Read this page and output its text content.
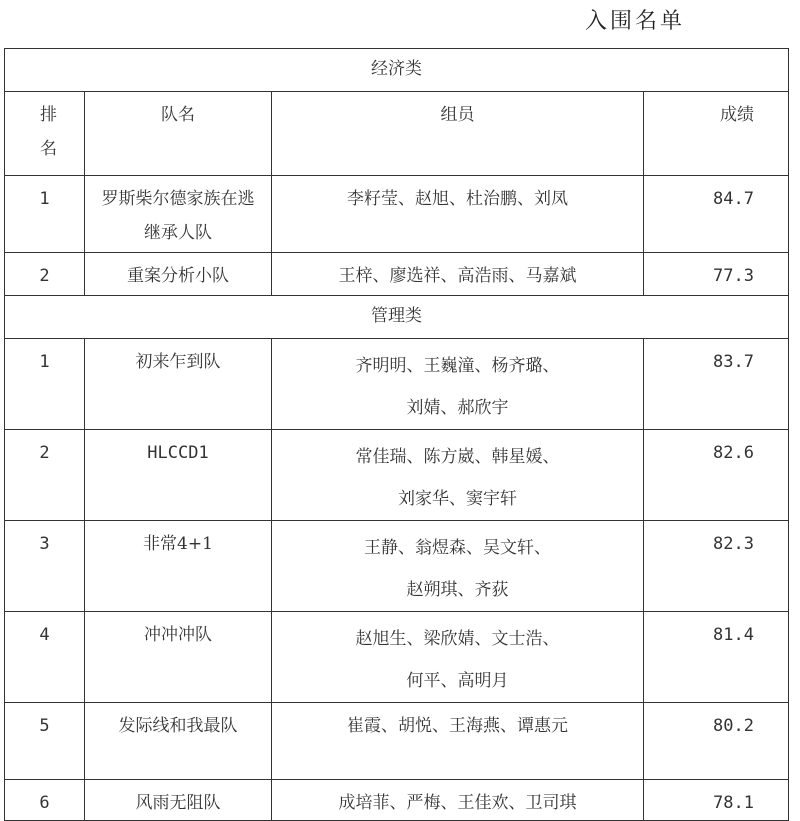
入围名单
经济类			
排
名	队名	组员	成绩
1	罗斯柴尔德家族在逃继承人队	李籽莹、赵旭、杜治鹏、刘凤	84.7
2	重案分析小队	王梓、廖选祥、高浩雨、马嘉斌	77.3
管理类			
1	初来乍到队	齐明明、王巍潼、杨齐璐、
刘婧、郝欣宇	83.7
2	HLCCD1	常佳瑞、陈方崴、韩星媛、
刘家华、窦宇轩	82.6
3	非常4+1	王静、翁煜森、吴文轩、
赵朔琪、齐荻	82.3
4	冲冲冲队	赵旭生、梁欣婧、文士浩、
何平、高明月	81.4
5	发际线和我最队	崔霞、胡悦、王海燕、谭惠元	80.2
6	风雨无阻队	成培菲、严梅、王佳欢、卫司琪	78.1
